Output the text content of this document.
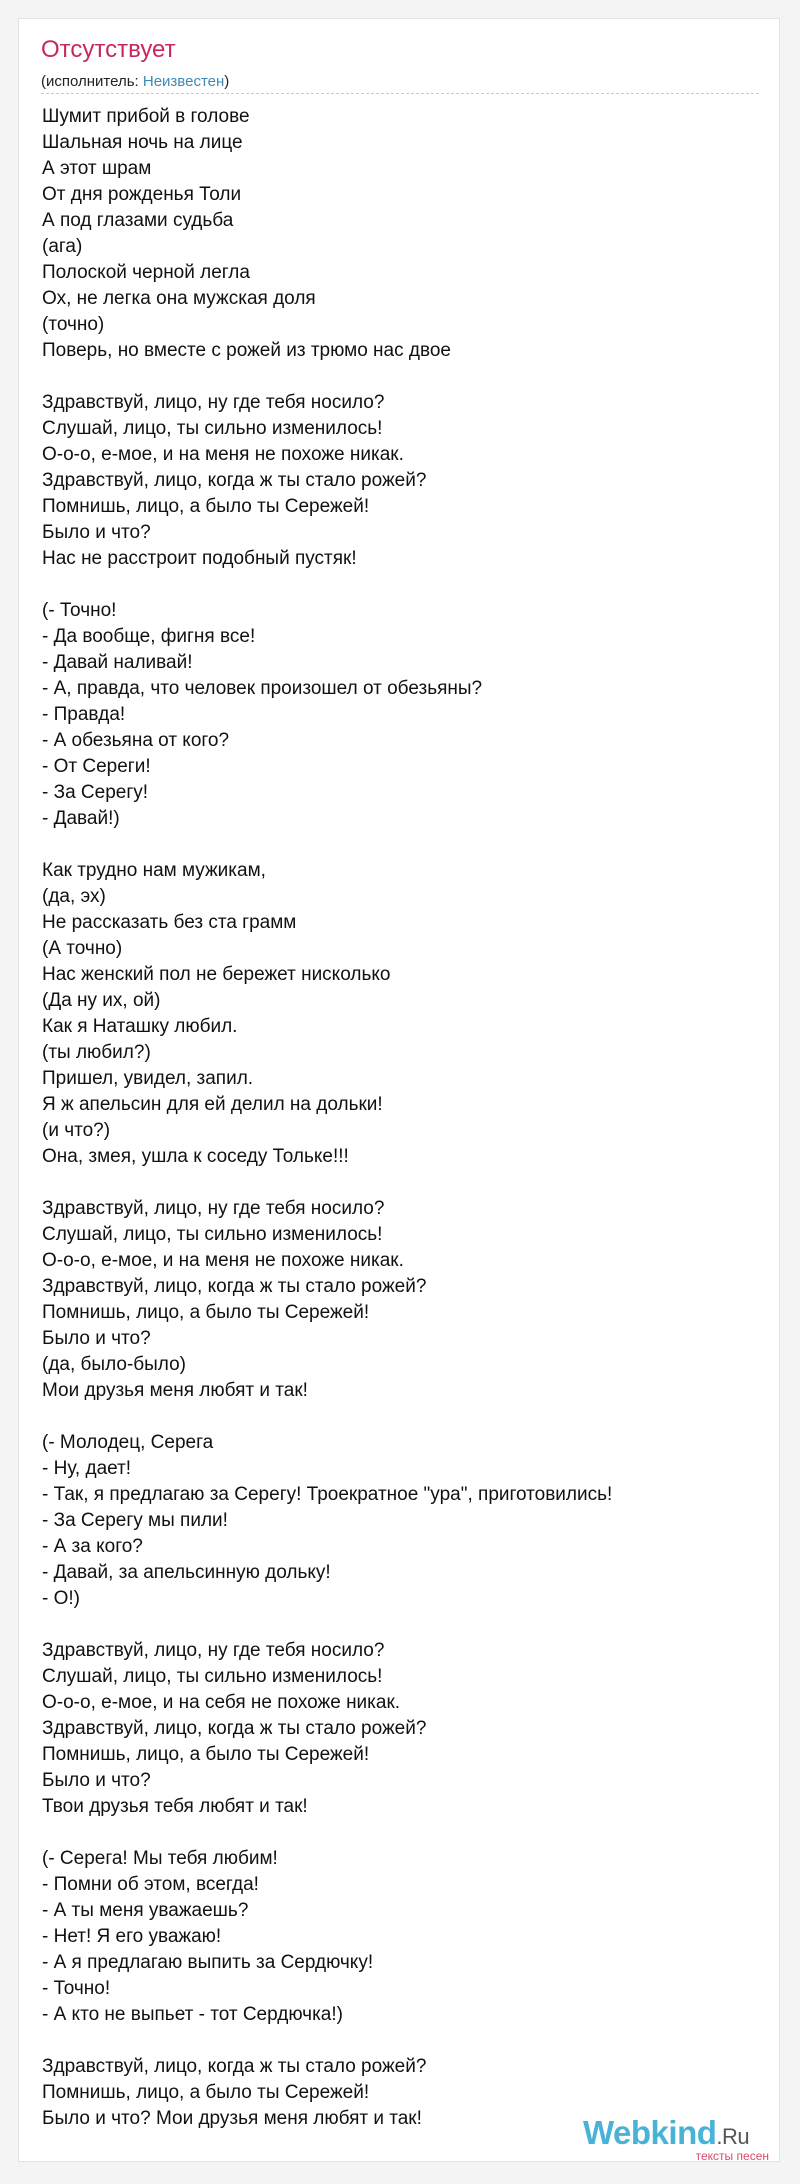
Отсутствует
(исполнитель: Неизвестен)
Шумит прибой в голове
Шальная ночь на лице
А этот шрам
От дня рожденья Толи
А под глазами судьба
(ага)
Полоской черной легла
Ох, не легка она мужская доля
(точно)
Поверь, но вместе с рожей из трюмо нас двое

Здравствуй, лицо, ну где тебя носило?
Слушай, лицо, ты сильно изменилось!
О-о-о, е-мое, и на меня не похоже никак.
Здравствуй, лицо, когда ж ты стало рожей?
Помнишь, лицо, а было ты Сережей!
Было и что?
Нас не расстроит подобный пустяк!

(- Точно!
- Да вообще, фигня все!
- Давай наливай!
- А, правда, что человек произошел от обезьяны?
- Правда!
- А обезьяна от кого?
- От Сереги!
- За Серегу!
- Давай!)

Как трудно нам мужикам,
(да, эх)
Не рассказать без ста грамм
(А точно)
Нас женский пол не бережет нисколько
(Да ну их, ой)
Как я Наташку любил.
(ты любил?)
Пришел, увидел, запил.
Я ж апельсин для ей делил на дольки!
(и что?)
Она, змея, ушла к соседу Тольке!!!

Здравствуй, лицо, ну где тебя носило?
Слушай, лицо, ты сильно изменилось!
О-о-о, е-мое, и на меня не похоже никак.
Здравствуй, лицо, когда ж ты стало рожей?
Помнишь, лицо, а было ты Сережей!
Было и что?
(да, было-было)
Мои друзья меня любят и так!

(- Молодец, Серега
- Ну, дает!
- Так, я предлагаю за Серегу! Троекратное "ура", приготовились!
- За Серегу мы пили!
- А за кого?
- Давай, за апельсинную дольку!
- О!)

Здравствуй, лицо, ну где тебя носило?
Слушай, лицо, ты сильно изменилось!
О-о-о, е-мое, и на себя не похоже никак.
Здравствуй, лицо, когда ж ты стало рожей?
Помнишь, лицо, а было ты Сережей!
Было и что?
Твои друзья тебя любят и так!

(- Серега! Мы тебя любим!
- Помни об этом, всегда!
- А ты меня уважаешь?
- Нет! Я его уважаю!
- А я предлагаю выпить за Сердючку!
- Точно!
- А кто не выпьет - тот Сердючка!)

Здравствуй, лицо, когда ж ты стало рожей?
Помнишь, лицо, а было ты Сережей!
Было и что? Мои друзья меня любят и так!	Webkind.Ru
тексты песен
